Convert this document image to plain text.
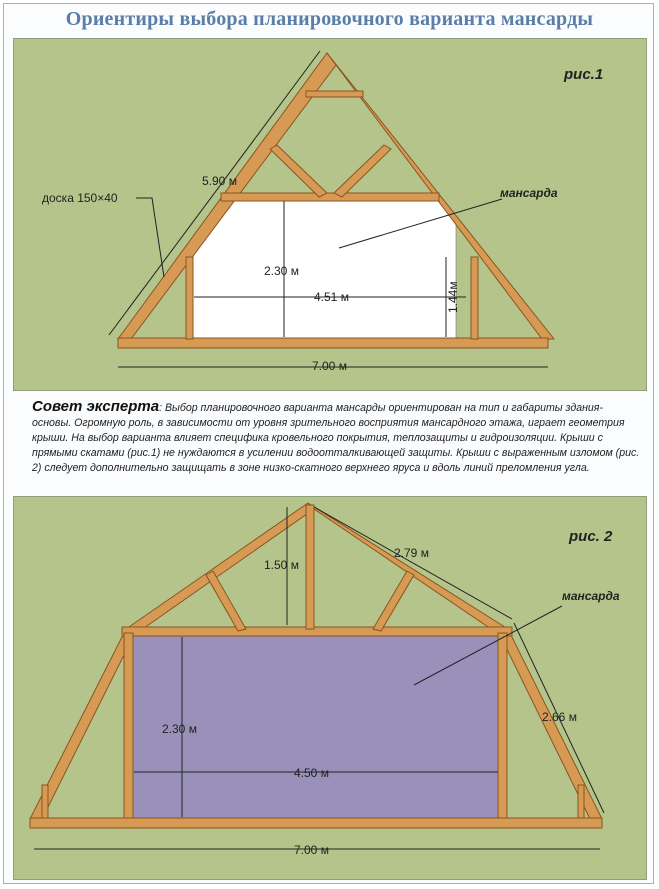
Ориентиры выбора планировочного варианта мансарды
5.90 м
доска 150×40	мансарда
2.30 м
1.44м
4.51 м
7.00 м
рис.1
Совет эксперта: Выбор планировочного варианта мансарды ориентирован на тип и габариты здания-основы. Огромную роль, в зависимости от уровня зрительного восприятия мансардного этажа, играет геометрия крыши. На выбор варианта влияет специфика кровельного покрытия, теплозащиты и гидроизоляции. Крыши с прямыми скатами (рис.1) не нуждаются в усилении водоотталкивающей защиты. Крыши с выраженным изломом (рис. 2) следует дополнительно защищать в зоне низко-скатного верхнего яруса и вдоль линий преломления угла.
1.50 м
2.79 м
2.66 м
2.30 м
4.50 м
7.00 м
мансарда
рис. 2
